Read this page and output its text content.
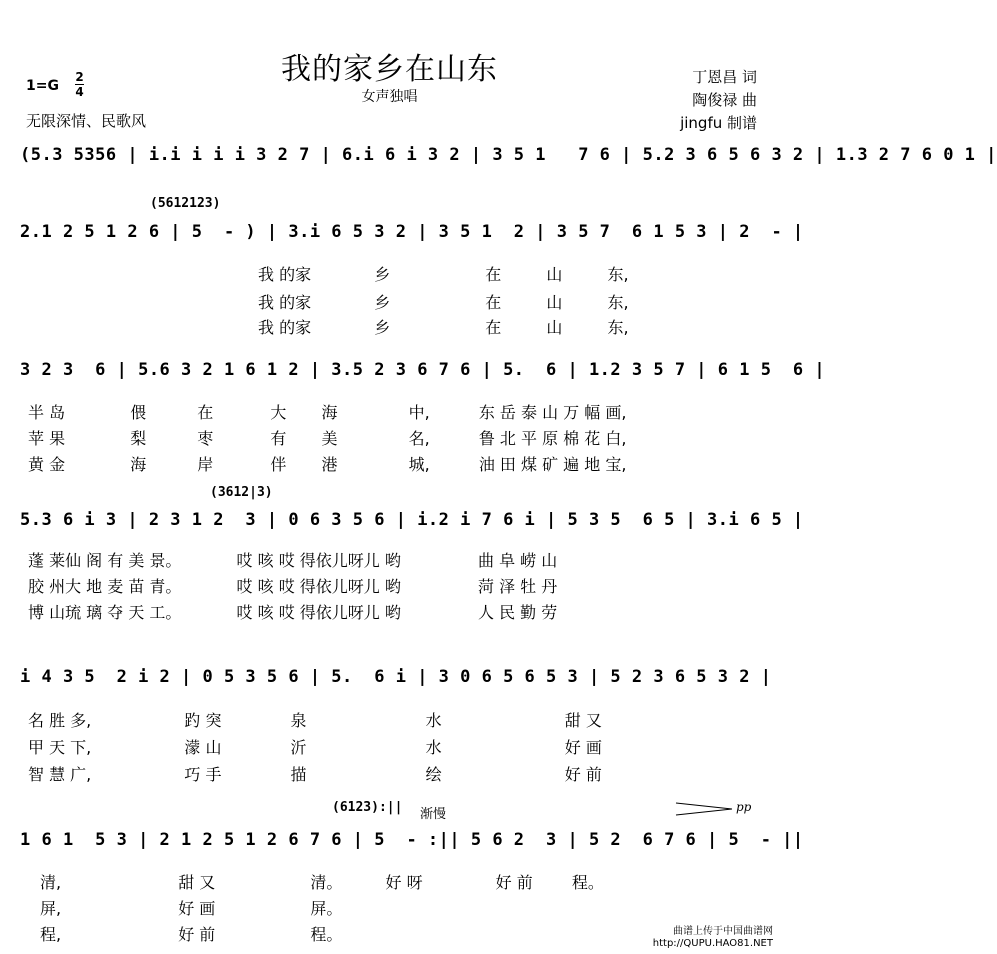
我的家乡在山东
女声独唱
1=G
2
4
无限深情、民歌风
丁恩昌 词
陶俊禄 曲
jingfu 制谱
(5.3 5356 | i.i i i i 3 2 7 | 6.i 6 i 3 2 | 3 5 1   7 6 | 5.2 3 6 5 6 3 2 | 1.3 2 7 6 0 1 |
(5612123)
2.1 2 5 1 2 6 | 5  - ) | 3.i 6 5 3 2 | 3 5 1  2 | 3 5 7  6 1 5 3 | 2  - |
我 的家	乡	在	山	东,
我 的家	乡	在	山	东,
我 的家	乡	在	山	东,
3 2 3  6 | 5.6 3 2 1 6 1 2 | 3.5 2 3 6 7 6 | 5.  6 | 1.2 3 5 7 | 6 1 5  6 |
半 岛	偎	在	大 海	中,	东 岳 泰 山 万 幅 画,
苹 果	梨	枣	有 美	名,	鲁 北 平 原 棉 花 白,
黄 金	海	岸	伴 港	城,	油 田 煤 矿 遍 地 宝,
(3612|3)
5.3 6 i 3 | 2 3 1 2  3 | 0 6 3 5 6 | i.2 i 7 6 i | 5 3 5  6 5 | 3.i 6 5 |
蓬 莱仙 阁 有 美 景。	哎 咳 哎 得依儿呀儿 哟	曲 阜 崂 山
胶 州大 地 麦 苗 青。	哎 咳 哎 得依儿呀儿 哟	菏 泽 牡 丹
博 山琉 璃 夺 天 工。	哎 咳 哎 得依儿呀儿 哟	人 民 勤 劳
i 4 3 5  2 i 2 | 0 5 3 5 6 | 5.  6 i | 3 0 6 5 6 5 3 | 5 2 3 6 5 3 2 |
名 胜 多,	趵 突	泉	水	甜 又
甲 天 下,	濛 山	沂	水	好 画
智 慧 广,	巧 手	描	绘	好 前
(6123):|| 渐慢	pp
1 6 1  5 3 | 2 1 2 5 1 2 6 7 6 | 5  - :|| 5 6 2  3 | 5 2  6 7 6 | 5  - ||
清,	甜 又	清。	好 呀	好 前 程。
屏,	好 画	屏。
程,	好 前	程。	曲谱上传于中国曲谱网
http://QUPU.HAO81.NET
